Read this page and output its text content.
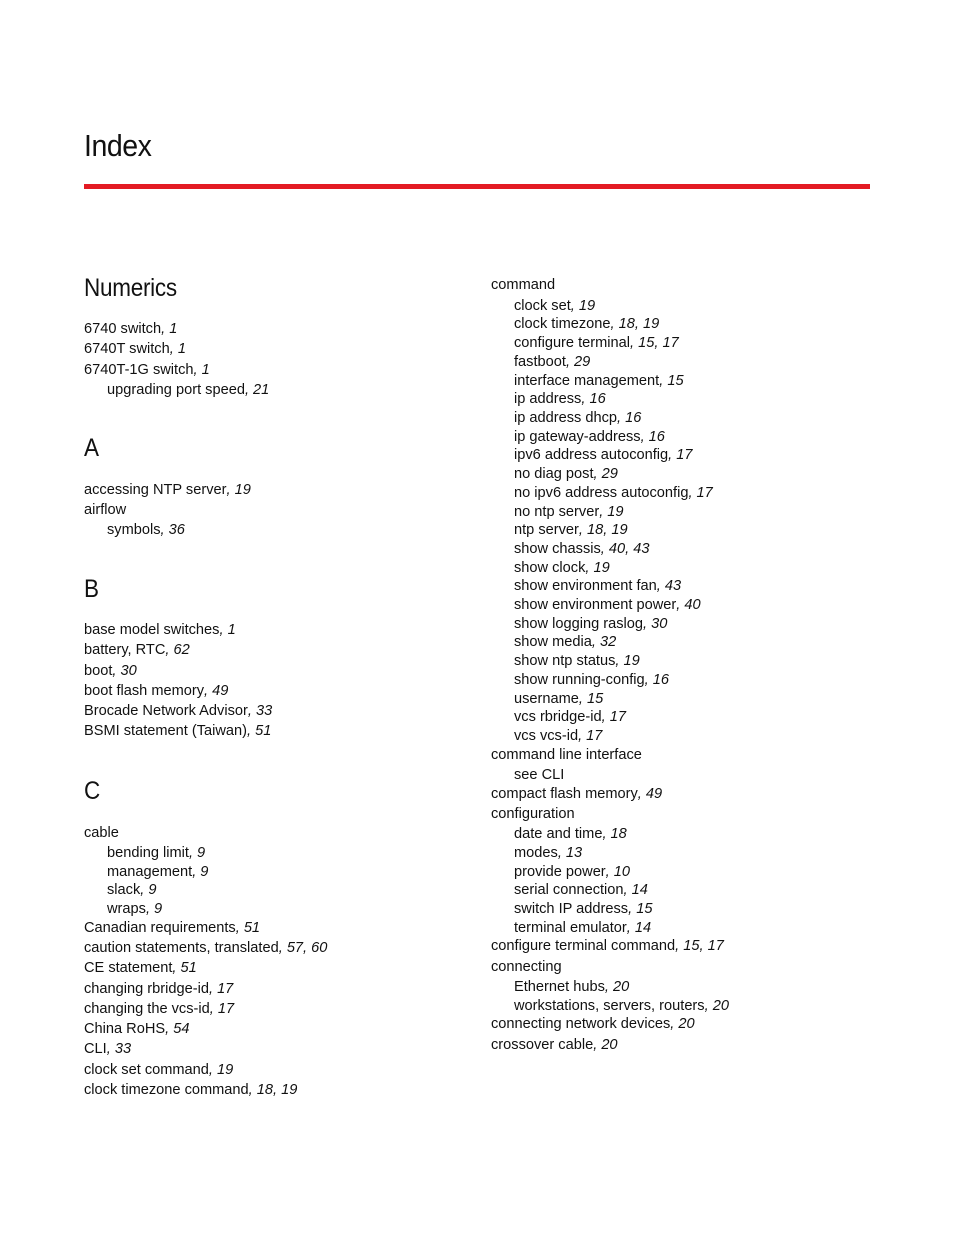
Index
Numerics
6740 switch, 1
6740T switch, 1
6740T-1G switch, 1
upgrading port speed, 21
A
accessing NTP server, 19
airflow
symbols, 36
B
base model switches, 1
battery, RTC, 62
boot, 30
boot flash memory, 49
Brocade Network Advisor, 33
BSMI statement (Taiwan), 51
C
cable
bending limit, 9
management, 9
slack, 9
wraps, 9
Canadian requirements, 51
caution statements, translated, 57, 60
CE statement, 51
changing rbridge-id, 17
changing the vcs-id, 17
China RoHS, 54
CLI, 33
clock set command, 19
clock timezone command, 18, 19
command
clock set, 19
clock timezone, 18, 19
configure terminal, 15, 17
fastboot, 29
interface management, 15
ip address, 16
ip address dhcp, 16
ip gateway-address, 16
ipv6 address autoconfig, 17
no diag post, 29
no ipv6 address autoconfig, 17
no ntp server, 19
ntp server, 18, 19
show chassis, 40, 43
show clock, 19
show environment fan, 43
show environment power, 40
show logging raslog, 30
show media, 32
show ntp status, 19
show running-config, 16
username, 15
vcs rbridge-id, 17
vcs vcs-id, 17
command line interface
see CLI
compact flash memory, 49
configuration
date and time, 18
modes, 13
provide power, 10
serial connection, 14
switch IP address, 15
terminal emulator, 14
configure terminal command, 15, 17
connecting
Ethernet hubs, 20
workstations, servers, routers, 20
connecting network devices, 20
crossover cable, 20
